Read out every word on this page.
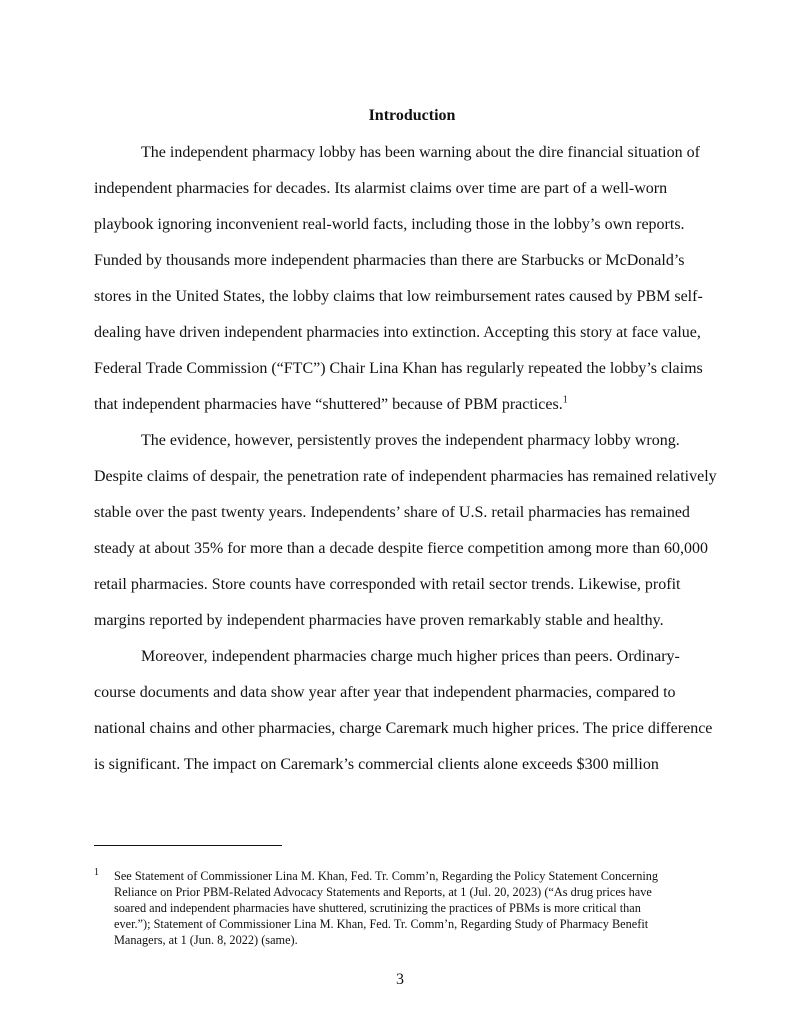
Introduction
The independent pharmacy lobby has been warning about the dire financial situation of
independent pharmacies for decades. Its alarmist claims over time are part of a well-worn
playbook ignoring inconvenient real-world facts, including those in the lobby’s own reports.
Funded by thousands more independent pharmacies than there are Starbucks or McDonald’s
stores in the United States, the lobby claims that low reimbursement rates caused by PBM self-
dealing have driven independent pharmacies into extinction. Accepting this story at face value,
Federal Trade Commission (“FTC”) Chair Lina Khan has regularly repeated the lobby’s claims
that independent pharmacies have “shuttered” because of PBM practices.$^1$
The evidence, however, persistently proves the independent pharmacy lobby wrong.
Despite claims of despair, the penetration rate of independent pharmacies has remained relatively
stable over the past twenty years. Independents’ share of U.S. retail pharmacies has remained
steady at about 35% for more than a decade despite fierce competition among more than 60,000
retail pharmacies. Store counts have corresponded with retail sector trends. Likewise, profit
margins reported by independent pharmacies have proven remarkably stable and healthy.
Moreover, independent pharmacies charge much higher prices than peers. Ordinary-
course documents and data show year after year that independent pharmacies, compared to
national chains and other pharmacies, charge Caremark much higher prices. The price difference
is significant. The impact on Caremark’s commercial clients alone exceeds $300 million
1 See Statement of Commissioner Lina M. Khan, Fed. Tr. Comm’n, Regarding the Policy Statement Concerning
Reliance on Prior PBM-Related Advocacy Statements and Reports, at 1 (Jul. 20, 2023) (“As drug prices have
soared and independent pharmacies have shuttered, scrutinizing the practices of PBMs is more critical than
ever.”); Statement of Commissioner Lina M. Khan, Fed. Tr. Comm’n, Regarding Study of Pharmacy Benefit
Managers, at 1 (Jun. 8, 2022) (same).
3
